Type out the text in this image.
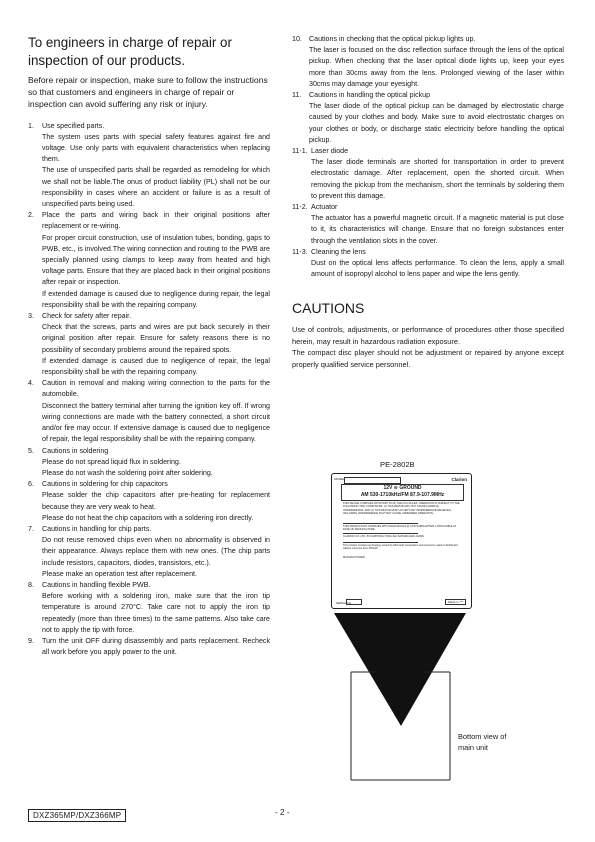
To engineers in charge of repair or inspection of our products.

Before repair or inspection, make sure to follow the instructions so that customers and engineers in charge of repair or inspection can avoid suffering any risk or injury.

1. Use specified parts.

The system uses parts with special safety features against fire and voltage. Use only parts with equivalent characteristics when replacing them.

The use of unspecified parts shall be regarded as remodeling for which we shall not be liable.The onus of product liability (PL) shall not be our responsibility in cases where an accident or failure is as a result of unspecified parts being used.

2. Place the parts and wiring back in their original positions after replacement or re-wiring.

For proper circuit construction, use of insulation tubes, bonding, gaps to PWB, etc., is involved.The wiring connection and routing to the PWB are specially planned using clamps to keep away from heated and high voltage parts. Ensure that they are placed back in their original positions after repair or inspection.

If extended damage is caused due to negligence during repair, the legal responsibility shall be with the repairing company.

3. Check for safety after repair.

Check that the screws, parts and wires are put back securely in their original position after repair. Ensure for safety reasons there is no possibility of secondary problems around the repaired spots.

If extended damage is caused due to negligence of repair, the legal responsibility shall be with the repairing company.

4. Caution in removal and making wiring connection to the parts for the automobile.

Disconnect the battery terminal after turning the ignition key off. If wrong wiring connections are made with the battery connected, a short circuit and/or fire may occur. If extensive damage is caused due to negligence of repair, the legal responsibility shall be with the repairing company.

5. Cautions in soldering

Please do not spread liquid flux in soldering.

Please do not wash the soldering point after soldering.

6. Cautions in soldering for chip capacitors

Please solder the chip capacitors after pre-heating for replacement because they are very weak to heat.

Please do not heat the chip capacitors with a soldering iron directly.

7. Cautions in handling for chip parts.

Do not reuse removed chips even when no abnormality is observed in their appearance. Always replace them with new ones. (The chip parts include resistors, capacitors, diodes, transistors, etc.).

Please make an operation test after replacement.

8. Cautions in handling flexible PWB.

Before working with a soldering iron, make sure that the iron tip temperature is around 270°C. Take care not to apply the iron tip repeatedly (more than three times) to the same patterns. Also take care not to apply the tip with force.

9. Turn the unit OFF during disassembly and parts replacement. Recheck all work before you apply power to the unit.

10. Cautions in checking that the optical pickup lights up.

The laser is focused on the disc reflection surface through the lens of the optical pickup. When checking that the laser optical diode lights up, keep your eyes more than 30cms away from the lens. Prolonged viewing of the laser within 30cms may damage your eyesight.

11. Cautions in handling the optical pickup

The laser diode of the optical pickup can be damaged by electrostatic charge caused by your clothes and body. Make sure to avoid electrostatic charges on your clothes or body, or discharge static electricity before handling the optical pickup.

11-1. Laser diode

The laser diode terminals are shorted for transportation in order to prevent electrostatic damage. After replacement, open the shorted circuit. When removing the pickup from the mechanism, short the terminals by soldering them to prevent this damage.

11-2. Actuator

The actuator has a powerful magnetic circuit. If a magnetic material is put close to it, its characteristics will change. Ensure that no foreign substances enter through the ventilation slots in the cover.

11-3. Cleaning the lens

Dust on the optical lens affects performance. To clean the lens, apply a small amount of isopropyl alcohol to lens paper and wipe the lens gently.

CAUTIONS

Use of controls, adjustments, or performance of procedures other those specified herein, may result in hazardous radiation exposure.

The compact disc player should not be adjustment or repaired by anyone except properly qualified service personnel.

PE-2802B
MODEL	Clarion
12V ⊖ GROUND
AM 530-1710kHz/FM 87.9-107.9MHz
THIS DEVICE COMPLIES WITH PART 15 OF THE FCC RULES. OPERATION IS SUBJECT TO THE FOLLOWING TWO CONDITIONS: (1) THIS DEVICE MAY NOT CAUSE HARMFUL INTERFERENCE, AND (2) THIS DEVICE MUST ACCEPT ANY INTERFERENCE RECEIVED, INCLUDING INTERFERENCE THAT MAY CAUSE UNDESIRED OPERATION.
THIS PRODUCTION COMPLIES WITH DHHS RULES 21 CFR SUBCHAPTER J APPLICABLE AT DATE OF MANUFACTURE.
CLARION CO.,LTD. 50 KAMITODA,TODA-SHI,SAITAMA-KEN,JAPAN
This product contains technology owned by Microsoft Corporation and cannot be used or distributed without a license from MSLGP
MANUFACTURED:
SERIAL No.	Made in ***
Bottom view of main unit
DXZ365MP/DXZ366MP	- 2 -
